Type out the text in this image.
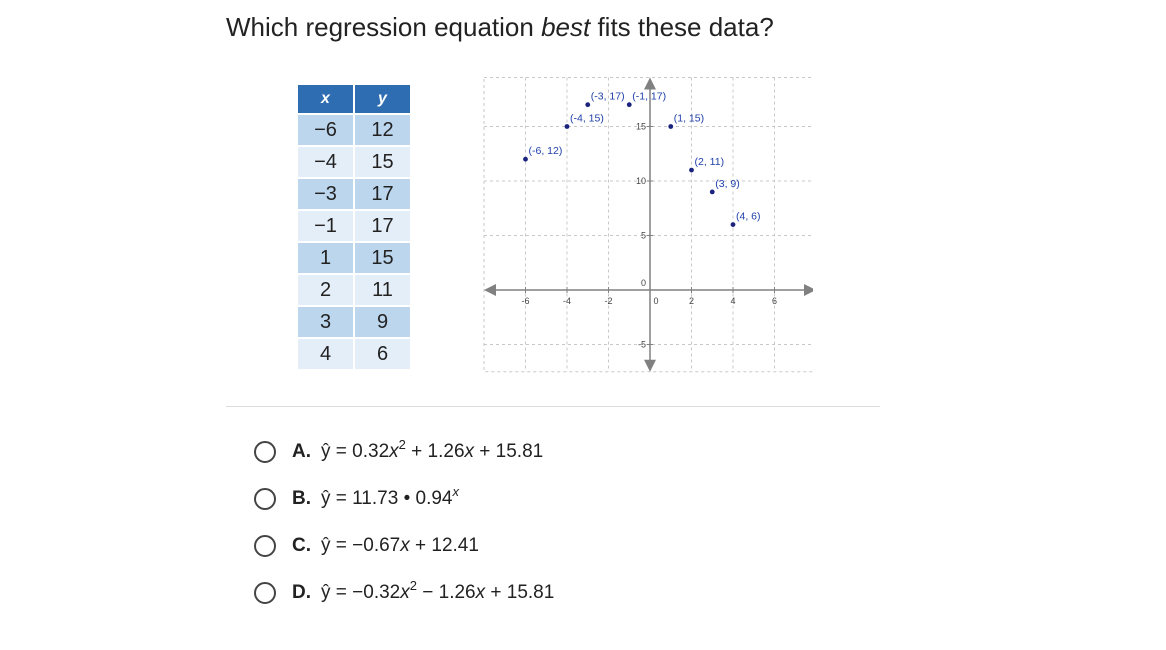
Which regression equation best fits these data?
x	y
−6	12
−4	15
−3	17
−1	17
1	15
2	11
3	9
4	6
-6	-4	-2	0	2	4	6
15
10
5
0
-5
(-6, 12)
(-4, 15)
(-3, 17) (-1, 17)
(1, 15)
(2, 11)
(3, 9)
(4, 6)
A. ŷ = $0.32x^2 + 1.26x + 15.81$
B. ŷ = 11.73 • 0.94$^x$
C. ŷ = −0.67x + 12.41
D. ŷ = $-0.32x^2 - 1.26x + 15.81$
